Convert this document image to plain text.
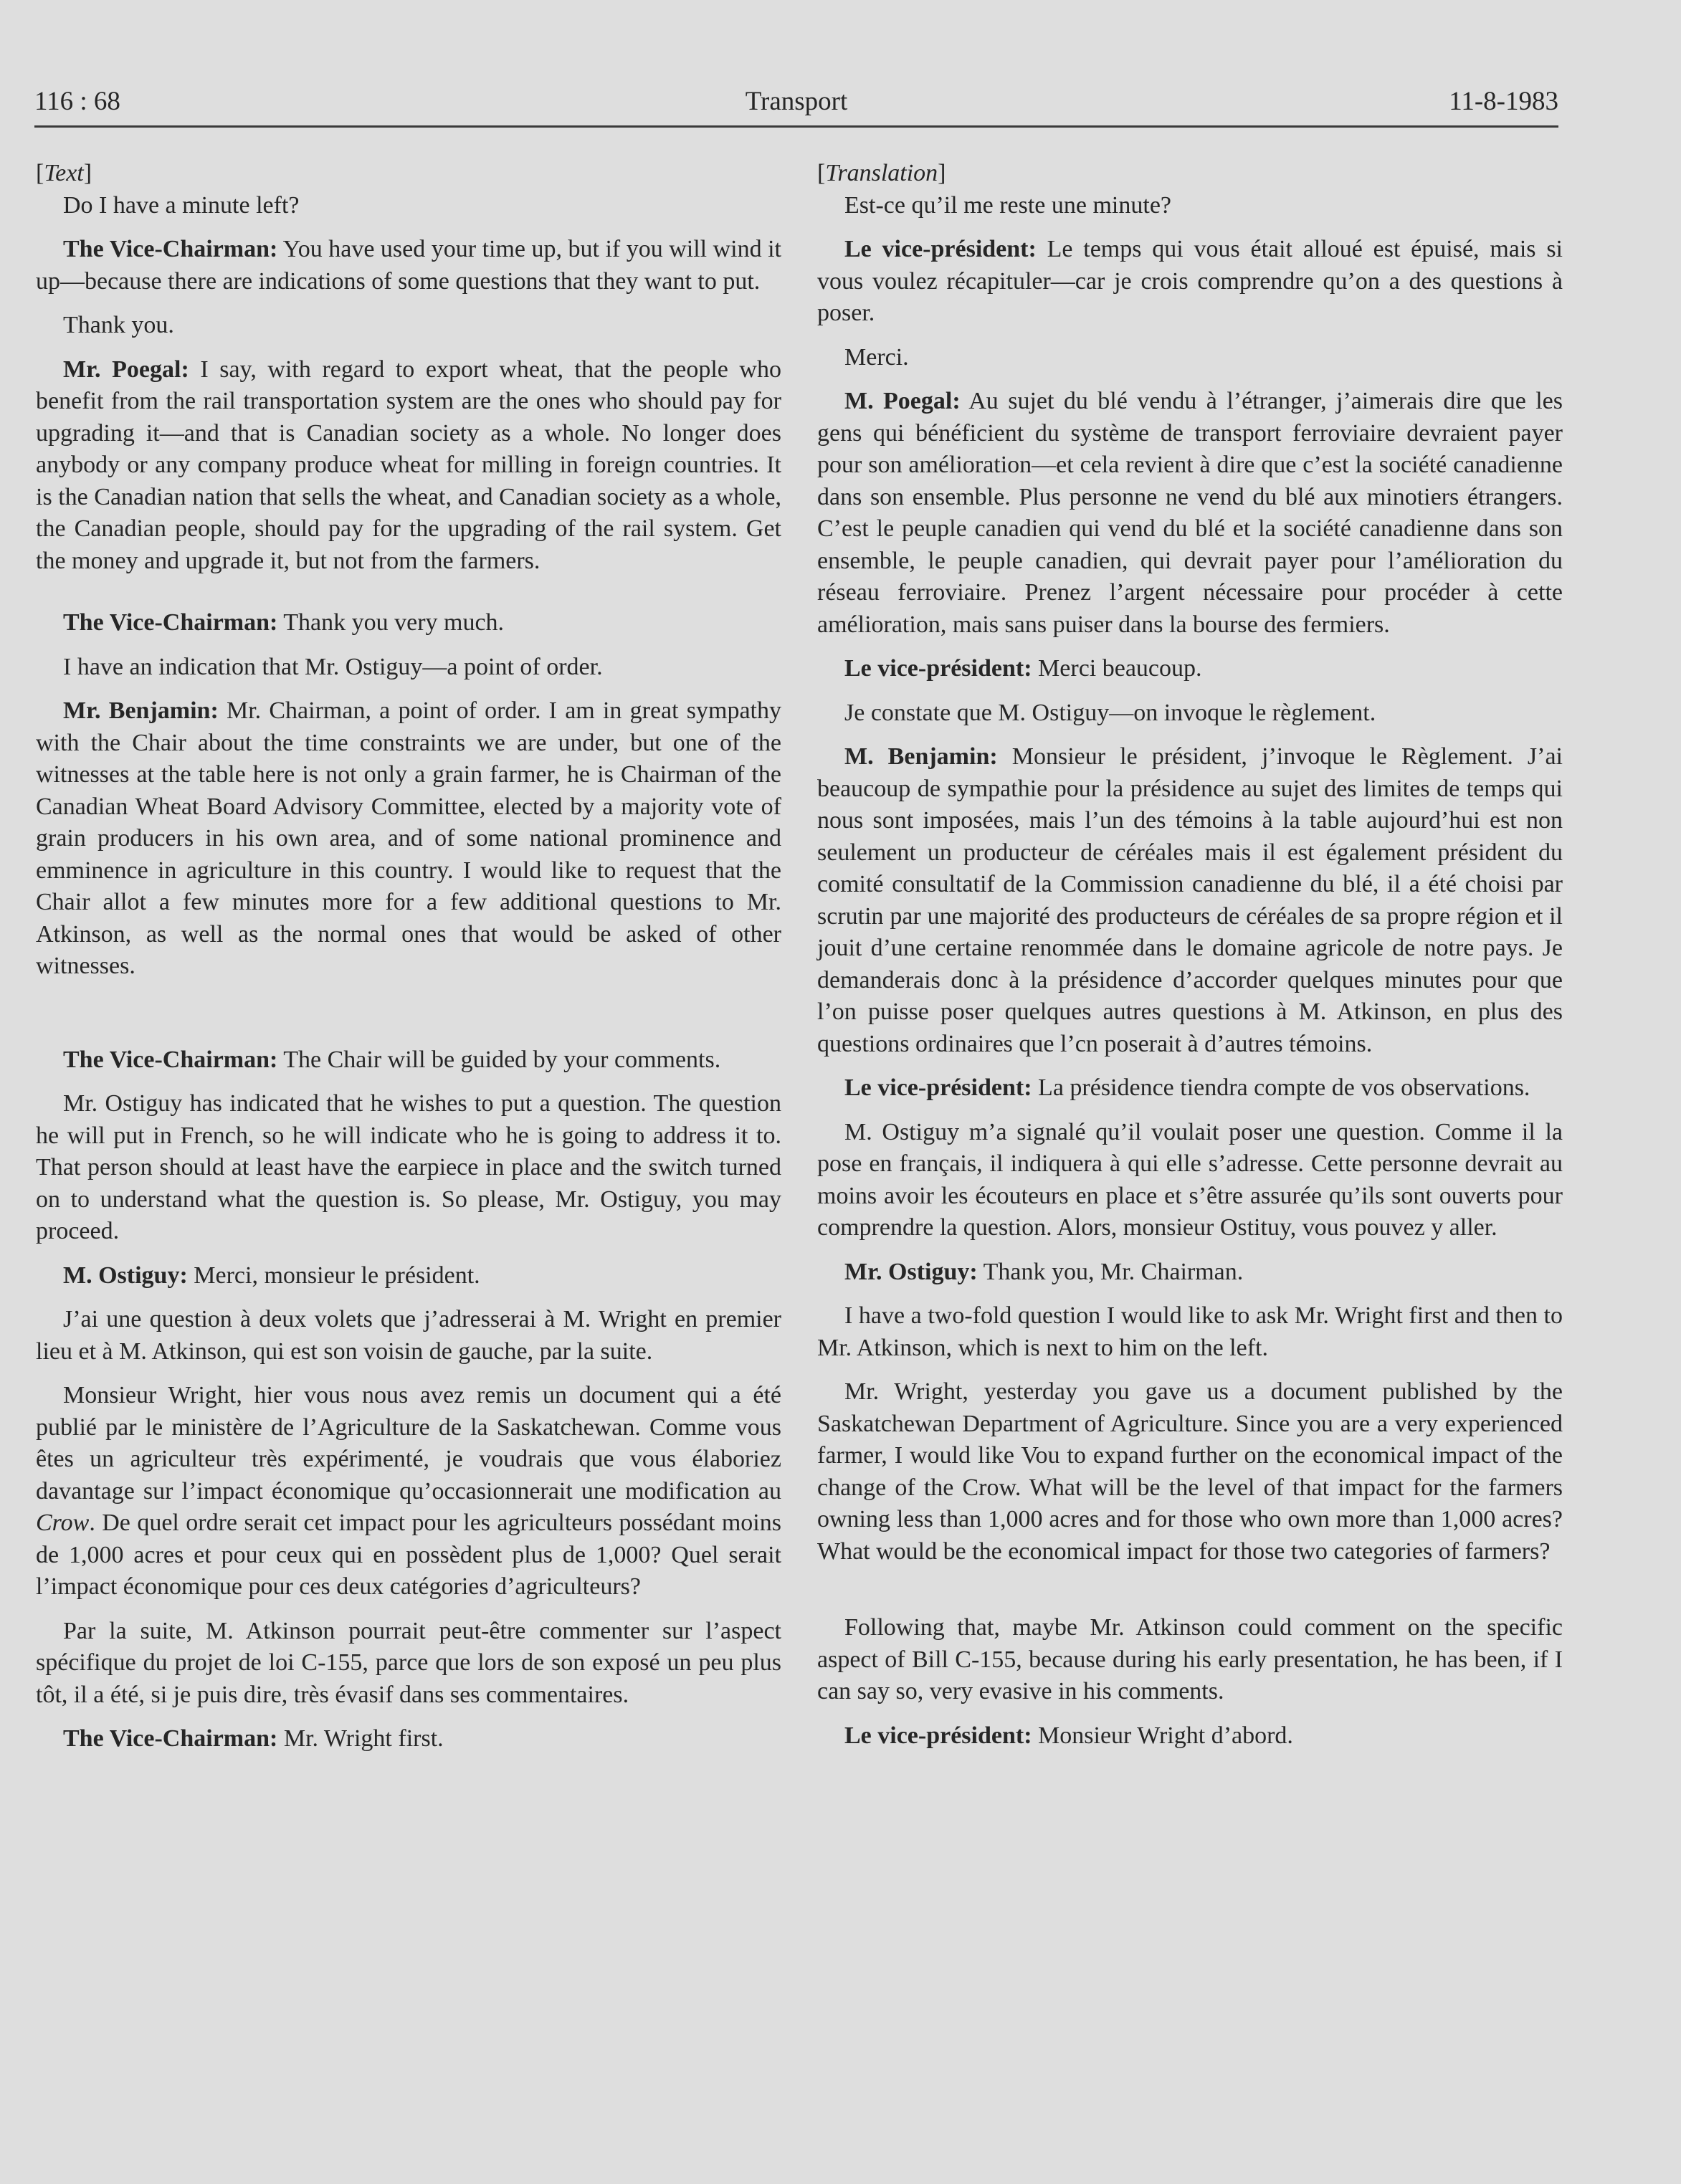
116 : 68	Transport	11-8-1983

[Text]

Do I have a minute left?

The Vice-Chairman: You have used your time up, but if you will wind it up—because there are indications of some questions that they want to put.

Thank you.

Mr. Poegal: I say, with regard to export wheat, that the people who benefit from the rail transportation system are the ones who should pay for upgrading it—and that is Canadian society as a whole. No longer does anybody or any company produce wheat for milling in foreign countries. It is the Canadian nation that sells the wheat, and Canadian society as a whole, the Canadian people, should pay for the upgrading of the rail system. Get the money and upgrade it, but not from the farmers.

The Vice-Chairman: Thank you very much.

I have an indication that Mr. Ostiguy—a point of order.

Mr. Benjamin: Mr. Chairman, a point of order. I am in great sympathy with the Chair about the time constraints we are under, but one of the witnesses at the table here is not only a grain farmer, he is Chairman of the Canadian Wheat Board Advisory Committee, elected by a majority vote of grain producers in his own area, and of some national prominence and emminence in agriculture in this country. I would like to request that the Chair allot a few minutes more for a few additional questions to Mr. Atkinson, as well as the normal ones that would be asked of other witnesses.

The Vice-Chairman: The Chair will be guided by your comments.

Mr. Ostiguy has indicated that he wishes to put a question. The question he will put in French, so he will indicate who he is going to address it to. That person should at least have the earpiece in place and the switch turned on to understand what the question is. So please, Mr. Ostiguy, you may proceed.

M. Ostiguy: Merci, monsieur le président.

J’ai une question à deux volets que j’adresserai à M. Wright en premier lieu et à M. Atkinson, qui est son voisin de gauche, par la suite.

Monsieur Wright, hier vous nous avez remis un document qui a été publié par le ministère de l’Agriculture de la Saskatchewan. Comme vous êtes un agriculteur très expérimenté, je voudrais que vous élaboriez davantage sur l’impact économique qu’occasionnerait une modification au Crow. De quel ordre serait cet impact pour les agriculteurs possédant moins de 1,000 acres et pour ceux qui en possèdent plus de 1,000? Quel serait l’impact économique pour ces deux catégories d’agriculteurs?

Par la suite, M. Atkinson pourrait peut-être commenter sur l’aspect spécifique du projet de loi C-155, parce que lors de son exposé un peu plus tôt, il a été, si je puis dire, très évasif dans ses commentaires.

The Vice-Chairman: Mr. Wright first.

[Translation]

Est-ce qu’il me reste une minute?

Le vice-président: Le temps qui vous était alloué est épuisé, mais si vous voulez récapituler—car je crois comprendre qu’on a des questions à poser.

Merci.

M. Poegal: Au sujet du blé vendu à l’étranger, j’aimerais dire que les gens qui bénéficient du système de transport ferroviaire devraient payer pour son amélioration—et cela revient à dire que c’est la société canadienne dans son ensemble. Plus personne ne vend du blé aux minotiers étrangers. C’est le peuple canadien qui vend du blé et la société canadienne dans son ensemble, le peuple canadien, qui devrait payer pour l’amélioration du réseau ferroviaire. Prenez l’argent nécessaire pour procéder à cette amélioration, mais sans puiser dans la bourse des fermiers.

Le vice-président: Merci beaucoup.

Je constate que M. Ostiguy—on invoque le règlement.

M. Benjamin: Monsieur le président, j’invoque le Règlement. J’ai beaucoup de sympathie pour la présidence au sujet des limites de temps qui nous sont imposées, mais l’un des témoins à la table aujourd’hui est non seulement un producteur de céréales mais il est également président du comité consultatif de la Commission canadienne du blé, il a été choisi par scrutin par une majorité des producteurs de céréales de sa propre région et il jouit d’une certaine renommée dans le domaine agricole de notre pays. Je demanderais donc à la présidence d’accorder quelques minutes pour que l’on puisse poser quelques autres questions à M. Atkinson, en plus des questions ordinaires que l’cn poserait à d’autres témoins.

Le vice-président: La présidence tiendra compte de vos observations.

M. Ostiguy m’a signalé qu’il voulait poser une question. Comme il la pose en français, il indiquera à qui elle s’adresse. Cette personne devrait au moins avoir les écouteurs en place et s’être assurée qu’ils sont ouverts pour comprendre la question. Alors, monsieur Ostituy, vous pouvez y aller.

Mr. Ostiguy: Thank you, Mr. Chairman.

I have a two-fold question I would like to ask Mr. Wright first and then to Mr. Atkinson, which is next to him on the left.

Mr. Wright, yesterday you gave us a document published by the Saskatchewan Department of Agriculture. Since you are a very experienced farmer, I would like Vou to expand further on the economical impact of the change of the Crow. What will be the level of that impact for the farmers owning less than 1,000 acres and for those who own more than 1,000 acres? What would be the economical impact for those two categories of farmers?

Following that, maybe Mr. Atkinson could comment on the specific aspect of Bill C-155, because during his early presentation, he has been, if I can say so, very evasive in his comments.

Le vice-président: Monsieur Wright d’abord.
